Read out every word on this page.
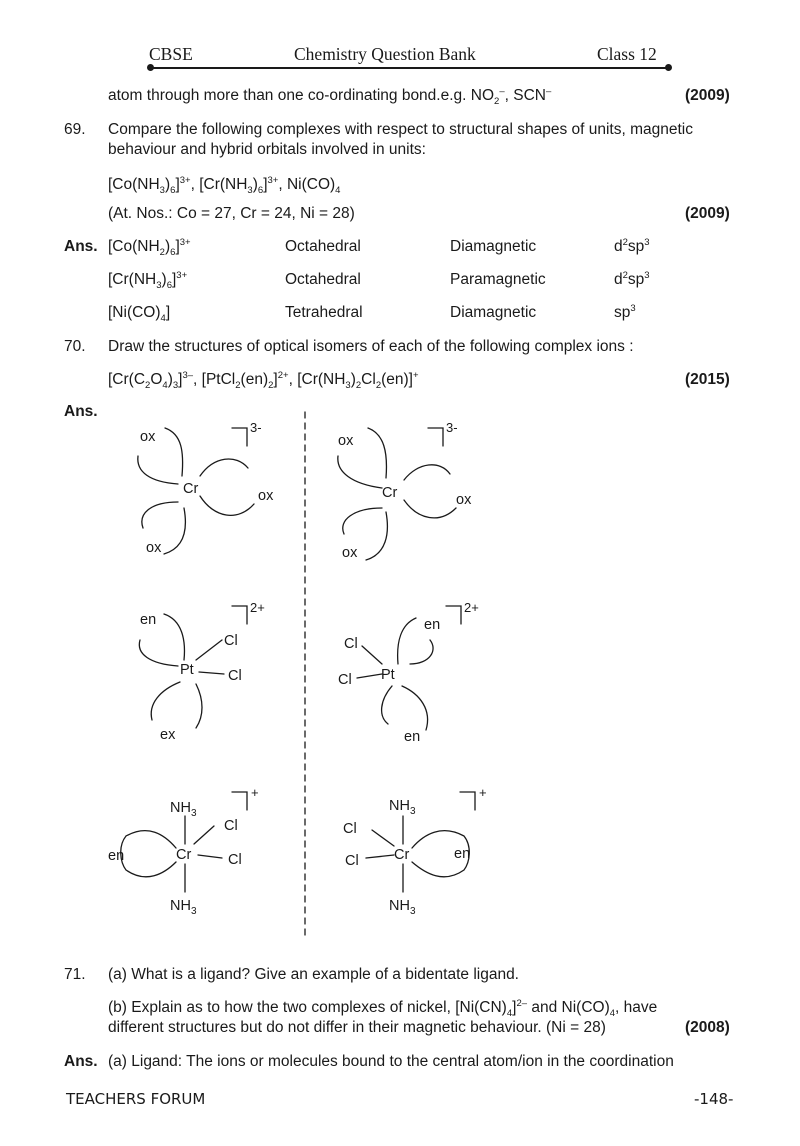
CBSE	Chemistry Question Bank	Class 12
atom through more than one co-ordinating bond.e.g. $NO_2^-$, SCN–	(2009)
69. Compare the following complexes with respect to structural shapes of units, magnetic
behaviour and hybrid orbitals involved in units:
$[Co(NH_3)_6]^{3+}$, $[Cr(NH_3)_6]^{3+}$, $Ni(CO)_4$
(At. Nos.: Co = 27, Cr = 24, Ni = 28)	(2009)
Ans. $[Co(NH_2)_6]^{3+}$	Octahedral	Diamagnetic	$d^2sp^3$
$[Cr(NH_3)_6]^{3+}$	Octahedral	Paramagnetic	$d^2sp^3$
$[Ni(CO)_4]$	Tetrahedral	Diamagnetic	$sp^3$
70. Draw the structures of optical isomers of each of the following complex ions :
$[Cr(C_2O_4)_3]^{3-}$, $[PtCl_2(en)_2]^{2+}$, $[Cr(NH_3)_2Cl_2(en)]^+$	(2015)
Ans.
ox
Cr	ox
ox
3-
ox
Cr	ox
ox
3-
en
Cl
Pt Cl
ex
2+
Cl
en
Cl Pt
en
2+
$NH_3$
Cl
en	Cr	Cl
$NH_3$
+
$NH_3$
Cl
Cl Cr	en
$NH_3$
+
71. (a) What is a ligand? Give an example of a bidentate ligand.
(b) Explain as to how the two complexes of nickel, $[Ni(CN)_4]^{2-}$ and $Ni(CO)_4$, have
different structures but do not differ in their magnetic behaviour. (Ni = 28)	(2008)
Ans. (a) Ligand: The ions or molecules bound to the central atom/ion in the coordination
TEACHERS FORUM	-148-
